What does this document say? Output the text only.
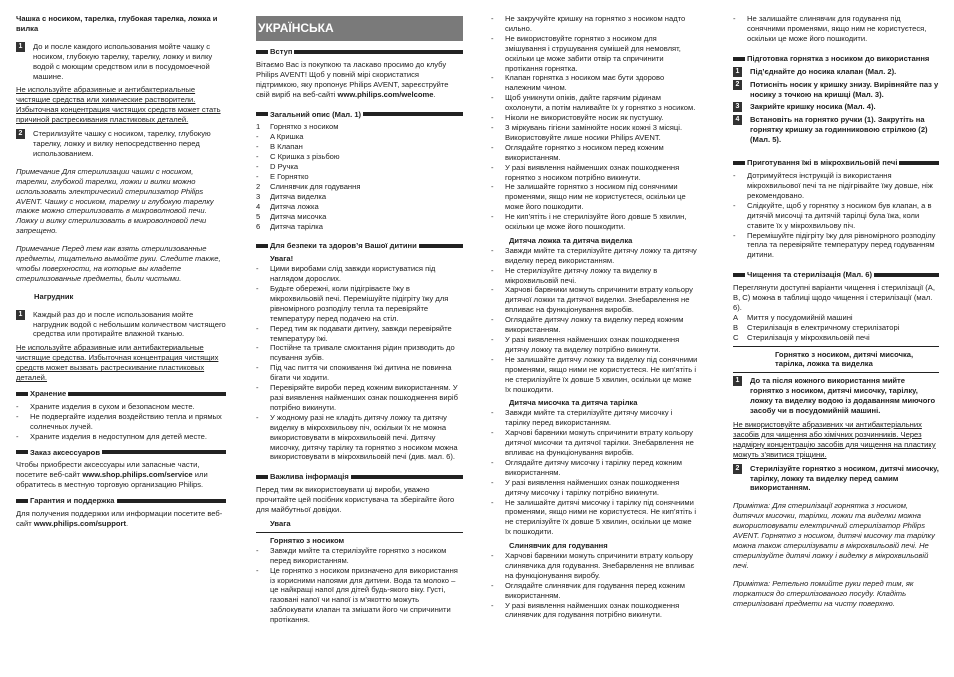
Чашка с носиком, тарелка, глубокая тарелка, ложка и вилка

1	До и после каждого использования мойте чашку с носиком, глубокую тарелку, тарелку, ложку и вилку водой с моющим средством или в посудомоечной машине.

Не используйте абразивные и антибактериальные чистящие средства или химические растворители. Избыточная концентрация чистящих средств может стать причиной растрескивания пластиковых деталей.

2	Стерилизуйте чашку с носиком, тарелку, глубокую тарелку, ложку и вилку непосредственно перед использованием.

Примечание Для стерилизации чашки с носиком, тарелки, глубокой тарелки, ложки и вилки можно использовать электрический стерилизатор Philips AVENT. Чашку с носиком, тарелку и глубокую тарелку также можно стерилизовать в микроволновой печи. Ложку и вилку стерилизовать в микроволновой печи запрещено.

Примечание Перед тем как взять стерилизованные предметы, тщательно вымойте руки. Следите также, чтобы поверхности, на которые вы кладете стерилизованные предметы, были чистыми.

Нагрудник

1	Каждый раз до и после использования мойте нагрудник водой с небольшим количеством чистящего средства или протирайте влажной тканью.

Не используйте абразивные или антибактериальные чистящие средства. Избыточная концентрация чистящих средств может вызвать растрескивание пластиковых деталей.

Хранение
-	Храните изделия в сухом и безопасном месте.

-	Не подвергайте изделия воздействию тепла и прямых солнечных лучей.

-	Храните изделия в недоступном для детей месте.

Заказ аксессуаров

Чтобы приобрести аксессуары или запасные части, посетите веб-сайт www.shop.philips.com/service или обратитесь в местную торговую организацию Philips.

Гарантия и поддержка

Для получения поддержки или информации посетите веб-сайт www.philips.com/support.

УКРАЇНСЬКА
Вступ

Вітаємо Вас із покупкою та ласкаво просимо до клубу Philips AVENT! Щоб у повній мірі скористатися підтримкою, яку пропонує Philips AVENT, зареєструйте свій виріб на веб-сайті www.philips.com/welcome.

Загальний опис (Мал. 1)
1	Горнятко з носиком

-	A Кришка

-	B Клапан

-	C Кришка з різьбою

-	D Ручка

-	E Горнятко

2	Слинявчик для годування

3	Дитяча виделка

4	Дитяча ложка

5	Дитяча мисочка

6	Дитяча тарілка

Для безпеки та здоров’я Вашої дитини

Увага!

-	Цими виробами слід завжди користуватися під наглядом дорослих.

-	Будьте обережні, коли підігріваєте їжу в мікрохвильовій печі. Перемішуйте підігріту їжу для рівномірного розподілу тепла та перевіряйте температуру перед подачею на стіл.

-	Перед тим як подавати дитину, завжди перевіряйте температуру їжі.

-	Постійне та тривале смоктання рідин призводить до псування зубів.

-	Під час пиття чи споживання їжі дитина не повинна бігати чи ходити.

-	Перевіряйте вироби перед кожним використанням. У разі виявлення найменших ознак пошкодження виріб потрібно викинути.

-	У жодному разі не кладіть дитячу ложку та дитячу виделку в мікрохвильову піч, оскільки їх не можна використовувати в мікрохвильовій печі. Дитячу мисочку, дитячу тарілку та горнятко з носиком можна використовувати в мікрохвильовій печі (див. мал. 6).

Важлива інформація

Перед тим як використовувати ці вироби, уважно прочитайте цей посібник користувача та зберігайте його для майбутньої довідки.

Увага

Горнятко з носиком

-	Завжди мийте та стерилізуйте горнятко з носиком перед використанням.

-	Це горнятко з носиком призначено для використання із корисними напоями для дитини. Вода та молоко – це найкращі напої для дітей будь-якого віку. Густі, газовані напої чи напої із м’якоттю можуть заблокувати клапан та змішати його чи спричинити протікання.

-	Не закручуйте кришку на горнятко з носиком надто сильно.

-	Не використовуйте горнятко з носиком для змішування і струшування сумішей для немовлят, оскільки це може забити отвір та спричинити протікання горнятка.

-	Клапан горнятка з носиком має бути здорово належним чином.

-	Щоб уникнути опіків, дайте гарячим рідинам охолонути, а потім наливайте їх у горнятко з носиком.

-	Ніколи не використовуйте носик як пустушку.

-	З міркувань гігієни замінюйте носик кожні 3 місяці. Використовуйте лише носики Philips AVENT.

-	Оглядайте горнятко з носиком перед кожним використанням.

-	У разі виявлення найменших ознак пошкодження горнятко з носиком потрібно викинути.

-	Не залишайте горнятко з носиком під сонячними променями, якщо ним не користуєтеся, оскільки це може його пошкодити.

-	Не кип’ятіть і не стерилізуйте його довше 5 хвилин, оскільки це може його пошкодити.

Дитяча ложка та дитяча виделка

-	Завжди мийте та стерилізуйте дитячу ложку та дитячу виделку перед використанням.

-	Не стерилізуйте дитячу ложку та виделку в мікрохвильовій печі.

-	Харчові барвники можуть спричинити втрату кольору дитячої ложки та дитячої виделки. Знебарвлення не впливає на функціонування виробів.

-	Оглядайте дитячу ложку та виделку перед кожним використанням.

-	У разі виявлення найменших ознак пошкодження дитячу ложку та виделку потрібно викинути.

-	Не залишайте дитячу ложку та виделку під сонячними променями, якщо ними не користуєтеся. Не кип’ятіть і не стерилізуйте їх довше 5 хвилин, оскільки це може їх пошкодити.

Дитяча мисочка та дитяча тарілка

-	Завжди мийте та стерилізуйте дитячу мисочку і тарілку перед використанням.

-	Харчові барвники можуть спричинити втрату кольору дитячої мисочки та дитячої тарілки. Знебарвлення не впливає на функціонування виробів.

-	Оглядайте дитячу мисочку і тарілку перед кожним використанням.

-	У разі виявлення найменших ознак пошкодження дитячу мисочку і тарілку потрібно викинути.

-	Не залишайте дитячі мисочку і тарілку під сонячними променями, якщо ними не користуєтеся. Не кип’ятіть і не стерилізуйте їх довше 5 хвилин, оскільки це може їх пошкодити.

Слинявчик для годування

-	Харчові барвники можуть спричинити втрату кольору слинявчика для годування. Знебарвлення не впливає на функціонування виробу.

-	Оглядайте слинявчик для годування перед кожним використанням.

-	У разі виявлення найменших ознак пошкодження слинявчик для годування потрібно викинути.

-	Не залишайте слинявчик для годування під сонячними променями, якщо ним не користуєтеся, оскільки це може його пошкодити.

Підготовка горнятка з носиком до використання
1	Під’єднайте до носика клапан (Мал. 2).

2	Потисніть носик у кришку знизу. Вирівняйте паз у носику з точкою на кришці (Мал. 3).

3	Закрийте кришку носика (Мал. 4).

4	Встановіть на горнятко ручки (1). Закрутіть на горнятку кришку за годинниковою стрілкою (2) (Мал. 5).

Приготування їжі в мікрохвильовій печі
-	Дотримуйтеся інструкцій із використання мікрохвильової печі та не підігрівайте їжу довше, ніж рекомендовано.

-	Слідкуйте, щоб у горнятку з носиком був клапан, а в дитячій мисочці та дитячій тарілці була їжа, коли ставите їх у мікрохвильову піч.

-	Перемішуйте підігріту їжу для рівномірного розподілу тепла та перевіряйте температуру перед годуванням дитини.

Чищення та стерилізація (Мал. 6)

Переглянути доступні варіанти чищення і стерилізації (A, B, C) можна в таблиці щодо чищення і стерилізації (мал. 6).

A	Миття у посудомийній машині

B	Стерилізація в електричному стерилізаторі

C	Стерилізація у мікрохвильовій печі

Горнятко з носиком, дитячі мисочка, тарілка, ложка та виделка

1	До та після кожного використання мийте горнятко з носиком, дитячі мисочку, тарілку, ложку та виделку водою із додаванням миючого засобу чи в посудомийній машині.

Не використовуйте абразивних чи антибактеріальних засобів для чищення або хімічних розчинників. Через надмірну концентрацію засобів для чищення на пластику можуть з’явитися тріщини.

2	Стерилізуйте горнятко з носиком, дитячі мисочку, тарілку, ложку та виделку перед самим використанням.

Примітка: Для стерилізації горнятка з носиком, дитячих мисочки, тарілки, ложки та виделки можна використовувати електричний стерилізатор Philips AVENT. Горнятко з носиком, дитячі мисочку та тарілку можна також стерилізувати в мікрохвильовій печі. Не стерилізуйте дитячі ложку і виделку в мікрохвильовій печі.

Примітка: Ретельно помийте руки перед тим, як торкатися до стерилізованого посуду. Кладіть стерилізовані предмети на чисту поверхню.
